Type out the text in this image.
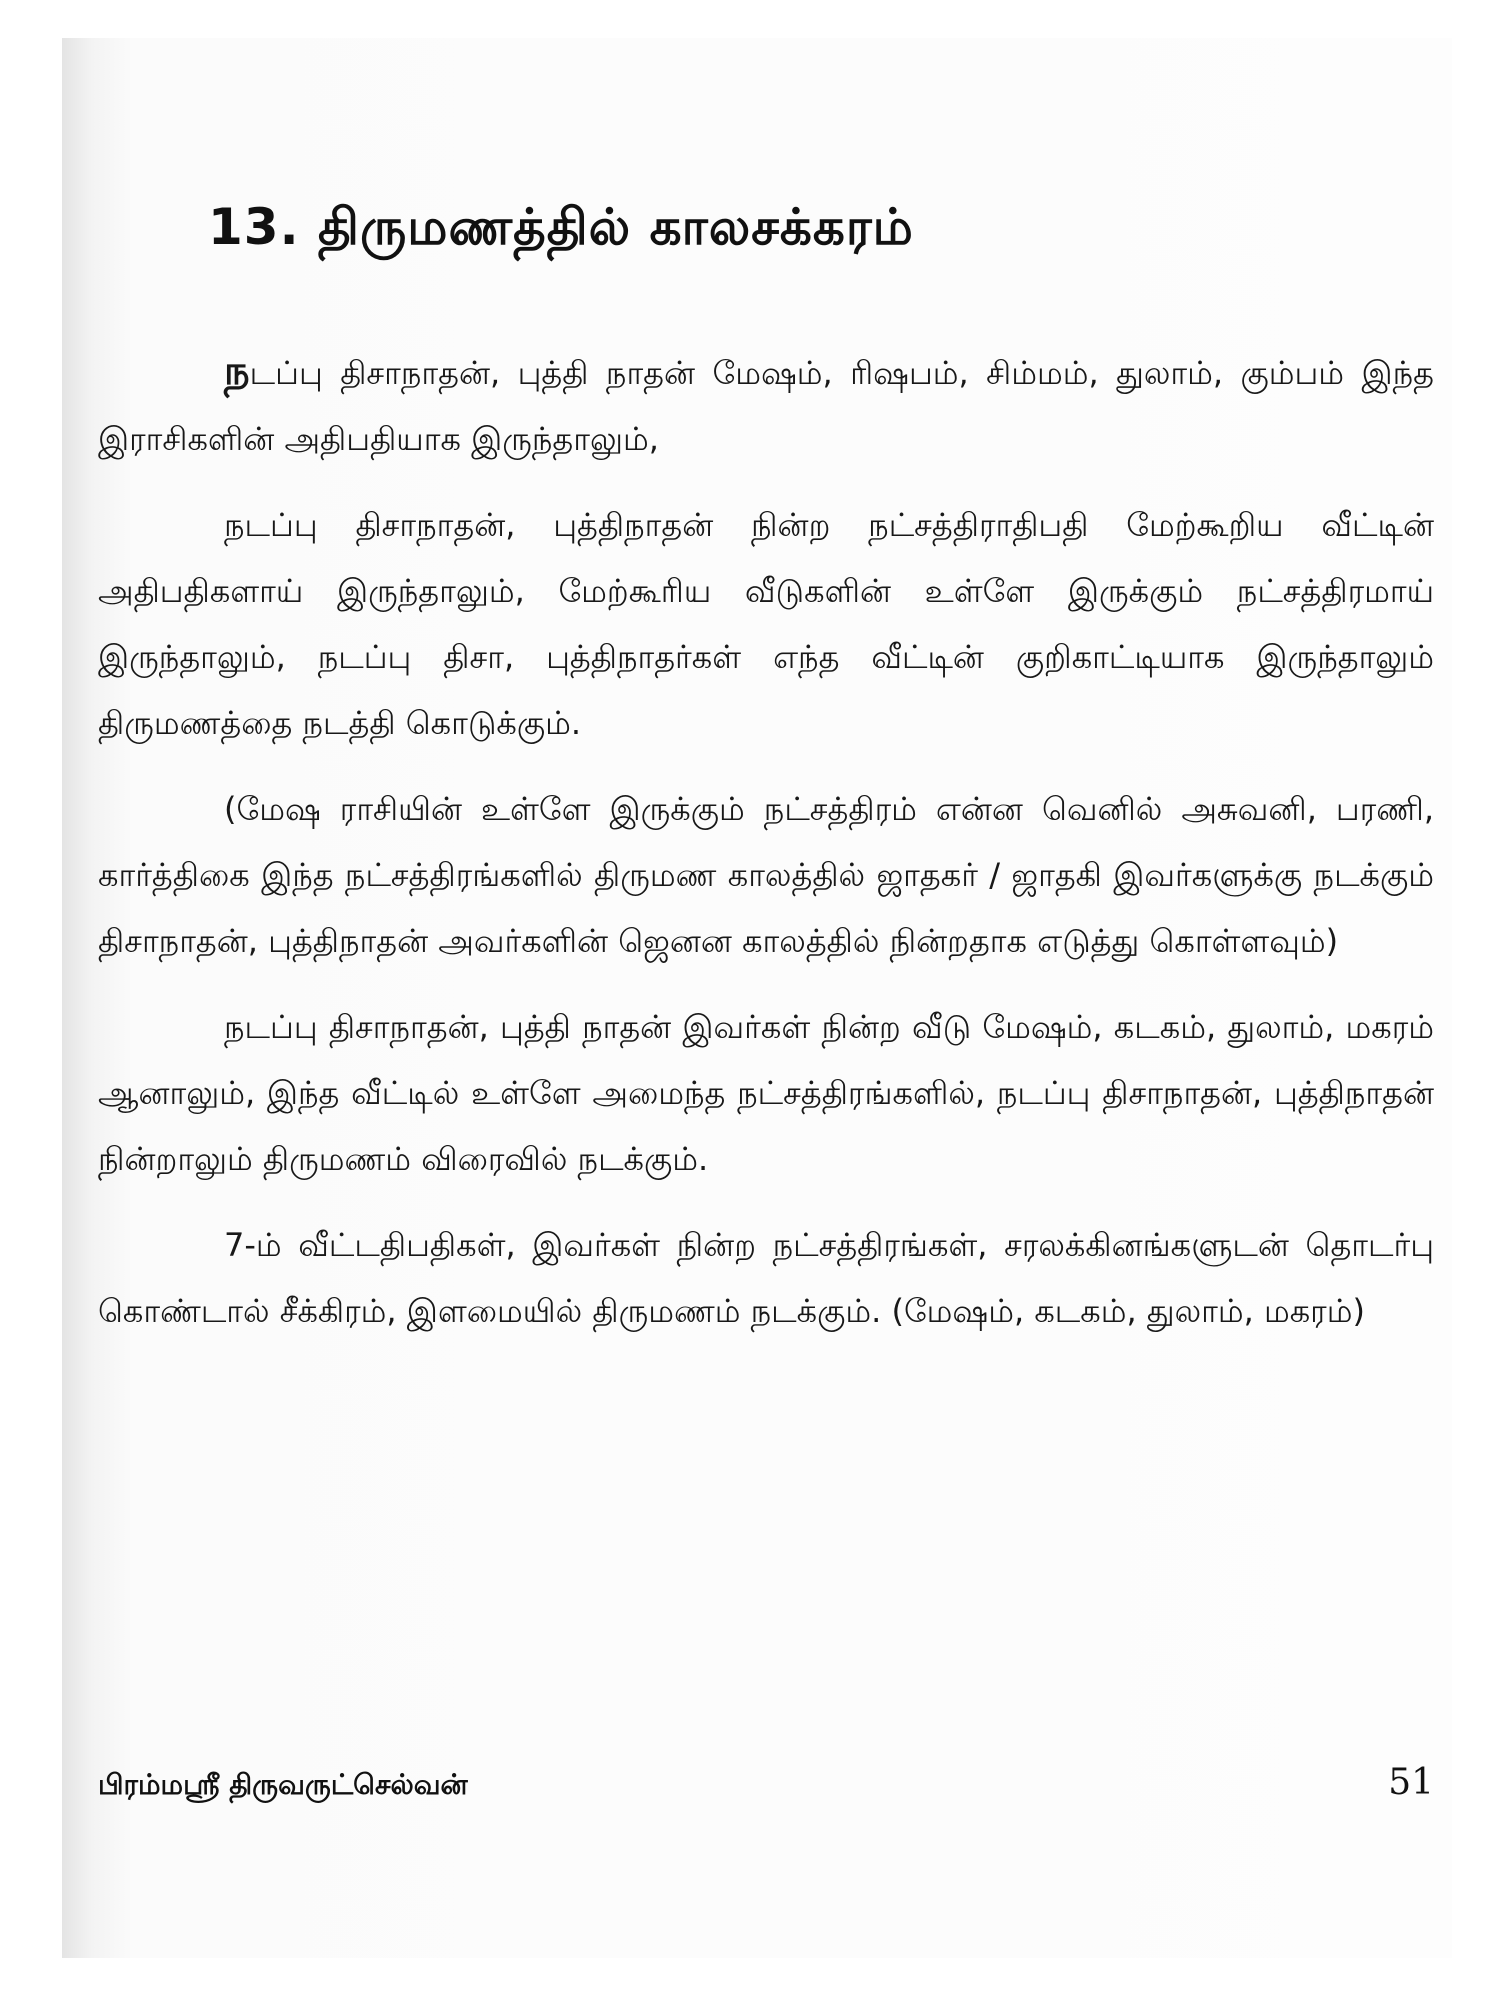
13. திருமணத்தில் காலசக்கரம்

நடப்பு திசாநாதன், புத்தி நாதன் மேஷம், ரிஷபம், சிம்மம், துலாம், கும்பம் இந்த இராசிகளின் அதிபதியாக இருந்தாலும்,

நடப்பு திசாநாதன், புத்திநாதன் நின்ற நட்சத்திராதிபதி மேற்கூறிய வீட்டின் அதிபதிகளாய் இருந்தாலும், மேற்கூரிய வீடுகளின் உள்ளே இருக்கும் நட்சத்திரமாய் இருந்தாலும், நடப்பு திசா, புத்திநாதர்கள் எந்த வீட்டின் குறிகாட்டியாக இருந்தாலும் திருமணத்தை நடத்தி கொடுக்கும்.

(மேஷ ராசியின் உள்ளே இருக்கும் நட்சத்திரம் என்ன வெனில் அசுவனி, பரணி, கார்த்திகை இந்த நட்சத்திரங்களில் திருமண காலத்தில் ஜாதகர் / ஜாதகி இவர்களுக்கு நடக்கும் திசாநாதன், புத்திநாதன் அவர்களின் ஜெனன காலத்தில் நின்றதாக எடுத்து கொள்ளவும்)

நடப்பு திசாநாதன், புத்தி நாதன் இவர்கள் நின்ற வீடு மேஷம், கடகம், துலாம், மகரம் ஆனாலும், இந்த வீட்டில் உள்ளே அமைந்த நட்சத்திரங்களில், நடப்பு திசாநாதன், புத்திநாதன் நின்றாலும் திருமணம் விரைவில் நடக்கும்.

7-ம் வீட்டதிபதிகள், இவர்கள் நின்ற நட்சத்திரங்கள், சரலக்கினங்களுடன் தொடர்பு கொண்டால் சீக்கிரம், இளமையில் திருமணம் நடக்கும். (மேஷம், கடகம், துலாம், மகரம்)

பிரம்மஸ்ரீ திருவருட்செல்வன்	51
